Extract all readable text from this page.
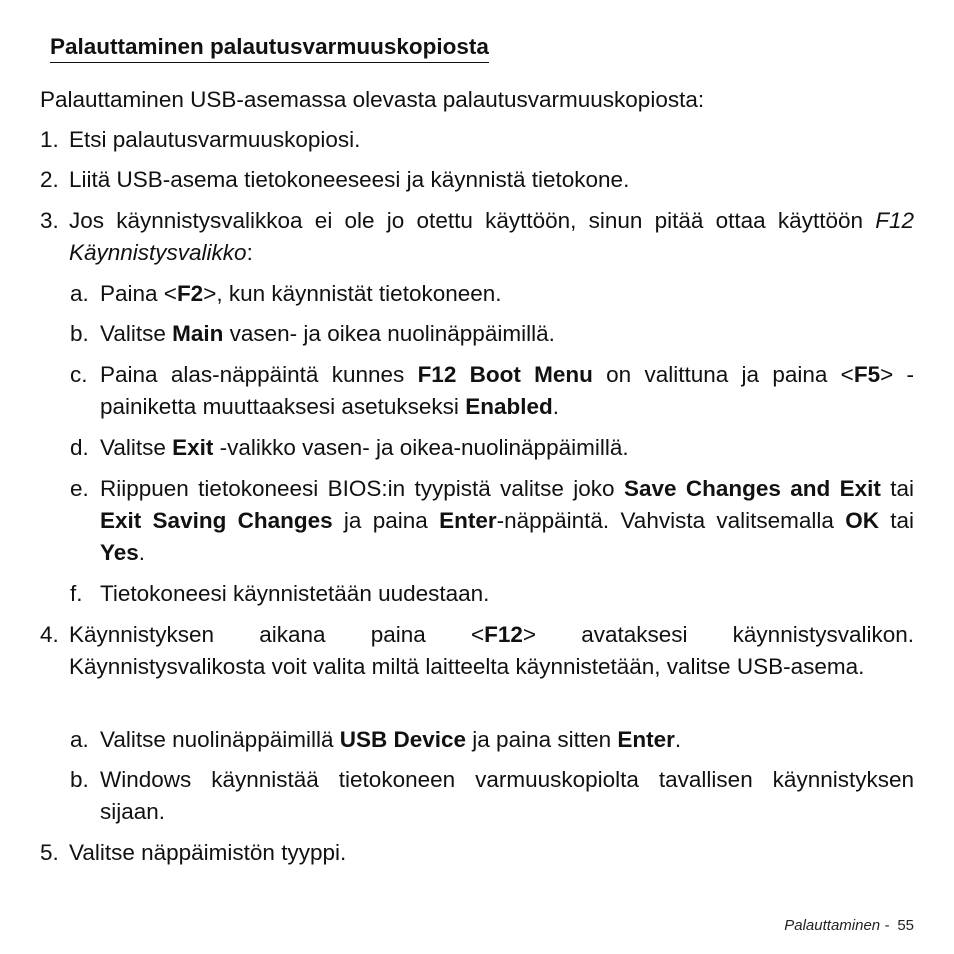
Palauttaminen palautusvarmuuskopiosta
Palauttaminen USB-asemassa olevasta palautusvarmuuskopiosta:
1. Etsi palautusvarmuuskopiosi.
2. Liitä USB-asema tietokoneeseesi ja käynnistä tietokone.
3. Jos käynnistysvalikkoa ei ole jo otettu käyttöön, sinun pitää ottaa käyttöön F12 Käynnistysvalikko:
a. Paina <F2>, kun käynnistät tietokoneen.
b. Valitse Main vasen- ja oikea nuolinäppäimillä.
c. Paina alas-näppäintä kunnes F12 Boot Menu on valittuna ja paina <F5> -painiketta muuttaaksesi asetukseksi Enabled.
d. Valitse Exit -valikko vasen- ja oikea-nuolinäppäimillä.
e. Riippuen tietokoneesi BIOS:in tyypistä valitse joko Save Changes and Exit tai Exit Saving Changes ja paina Enter-näppäintä. Vahvista valitsemalla OK tai Yes.
f. Tietokoneesi käynnistetään uudestaan.
4. Käynnistyksen aikana paina <F12> avataksesi käynnistysvalikon. Käynnistysvalikosta voit valita miltä laitteelta käynnistetään, valitse USB-asema.
a. Valitse nuolinäppäimillä USB Device ja paina sitten Enter.
b. Windows käynnistää tietokoneen varmuuskopiolta tavallisen käynnistyksen sijaan.
5. Valitse näppäimistön tyyppi.
Palauttaminen - 55
